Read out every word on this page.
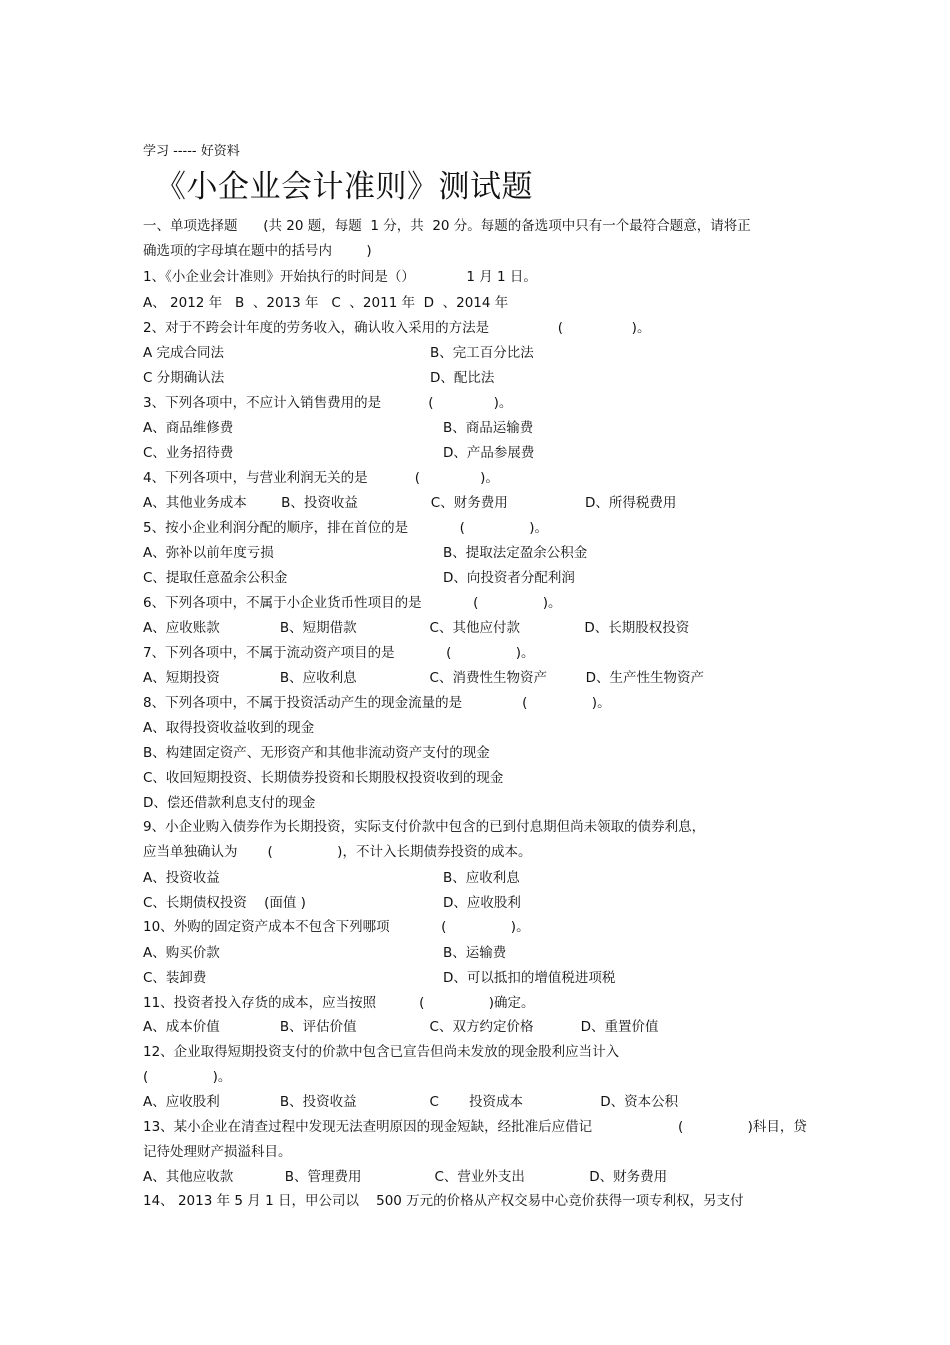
学习 ----- 好资料
《小企业会计准则》测试题
一、单项选择题      (共 20 题，每题  1 分，共  20 分。每题的备选项中只有一个最符合题意，请将正
确选项的字母填在题中的括号内        )
1、《小企业会计准则》开始执行的时间是（）            1 月 1 日。
A、 2012 年   B  、2013 年   C  、2011 年  D  、2014 年
2、对于不跨会计年度的劳务收入，确认收入采用的方法是                (                )。
A 完成合同法	B、完工百分比法
C 分期确认法	D、配比法
3、下列各项中，不应计入销售费用的是           (              )。
A、商品维修费	B、商品运输费
C、业务招待费	D、产品参展费
4、下列各项中，与营业利润无关的是           (              )。
A、其他业务成本        B、投资收益                 C、财务费用                  D、所得税费用
5、按小企业利润分配的顺序，排在首位的是            (               )。
A、弥补以前年度亏损	B、提取法定盈余公积金
C、提取任意盈余公积金	D、向投资者分配利润
6、下列各项中，不属于小企业货币性项目的是            (               )。
A、应收账款              B、短期借款                 C、其他应付款               D、长期股权投资
7、下列各项中，不属于流动资产项目的是            (               )。
A、短期投资              B、应收利息                 C、消费性生物资产         D、生产性生物资产
8、下列各项中，不属于投资活动产生的现金流量的是              (               )。
A、取得投资收益收到的现金
B、构建固定资产、无形资产和其他非流动资产支付的现金
C、收回短期投资、长期债券投资和长期股权投资收到的现金
D、偿还借款利息支付的现金
9、小企业购入债券作为长期投资，实际支付价款中包含的已到付息期但尚未领取的债券利息，
应当单独确认为       (               )，不计入长期债券投资的成本。
A、投资收益	B、应收利息
C、长期债权投资    (面值 )	D、应收股利
10、外购的固定资产成本不包含下列哪项            (               )。
A、购买价款	B、运输费
C、装卸费	D、可以抵扣的增值税进项税
11、投资者投入存货的成本，应当按照          (               )确定。
A、成本价值              B、评估价值                 C、双方约定价格           D、重置价值
12、企业取得短期投资支付的价款中包含已宣告但尚未发放的现金股利应当计入
(               )。
A、应收股利              B、投资收益                 C       投资成本                  D、资本公积
13、某小企业在清查过程中发现无法查明原因的现金短缺，经批准后应借记                    (               )科目，贷
记待处理财产损溢科目。
A、其他应收款            B、管理费用                 C、营业外支出               D、财务费用
14、 2013 年 5 月 1 日，甲公司以    500 万元的价格从产权交易中心竞价获得一项专利权，另支付
